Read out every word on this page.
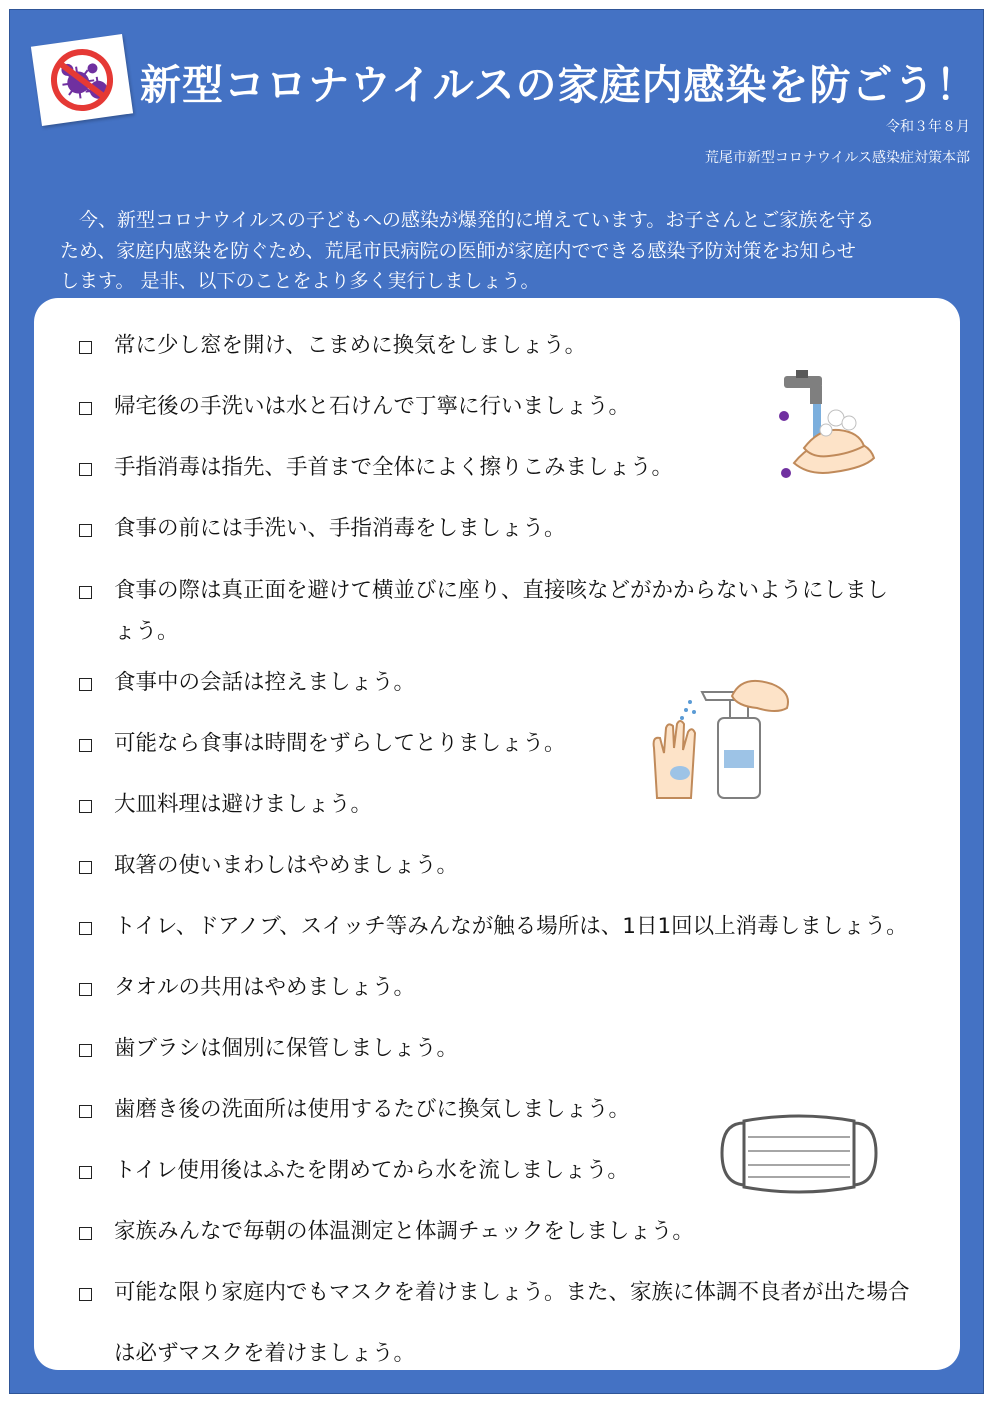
新型コロナウイルスの家庭内感染を防ごう！
令和３年８月
荒尾市新型コロナウイルス感染症対策本部
　今、新型コロナウイルスの子どもへの感染が爆発的に増えています。お子さんとご家族を守る
ため、家庭内感染を防ぐため、荒尾市民病院の医師が家庭内でできる感染予防対策をお知らせ
します。 是非、以下のことをより多く実行しましょう。
常に少し窓を開け、こまめに換気をしましょう。
帰宅後の手洗いは水と石けんで丁寧に行いましょう。
手指消毒は指先、手首まで全体によく擦りこみましょう。
食事の前には手洗い、手指消毒をしましょう。
食事の際は真正面を避けて横並びに座り、直接咳などがかからないようにしまし
ょう。
食事中の会話は控えましょう。
可能なら食事は時間をずらしてとりましょう。
大皿料理は避けましょう。
取箸の使いまわしはやめましょう。
トイレ、ドアノブ、スイッチ等みんなが触る場所は、1日1回以上消毒しましょう。
タオルの共用はやめましょう。
歯ブラシは個別に保管しましょう。
歯磨き後の洗面所は使用するたびに換気しましょう。
トイレ使用後はふたを閉めてから水を流しましょう。
家族みんなで毎朝の体温測定と体調チェックをしましょう。
可能な限り家庭内でもマスクを着けましょう。また、家族に体調不良者が出た場合
は必ずマスクを着けましょう。
